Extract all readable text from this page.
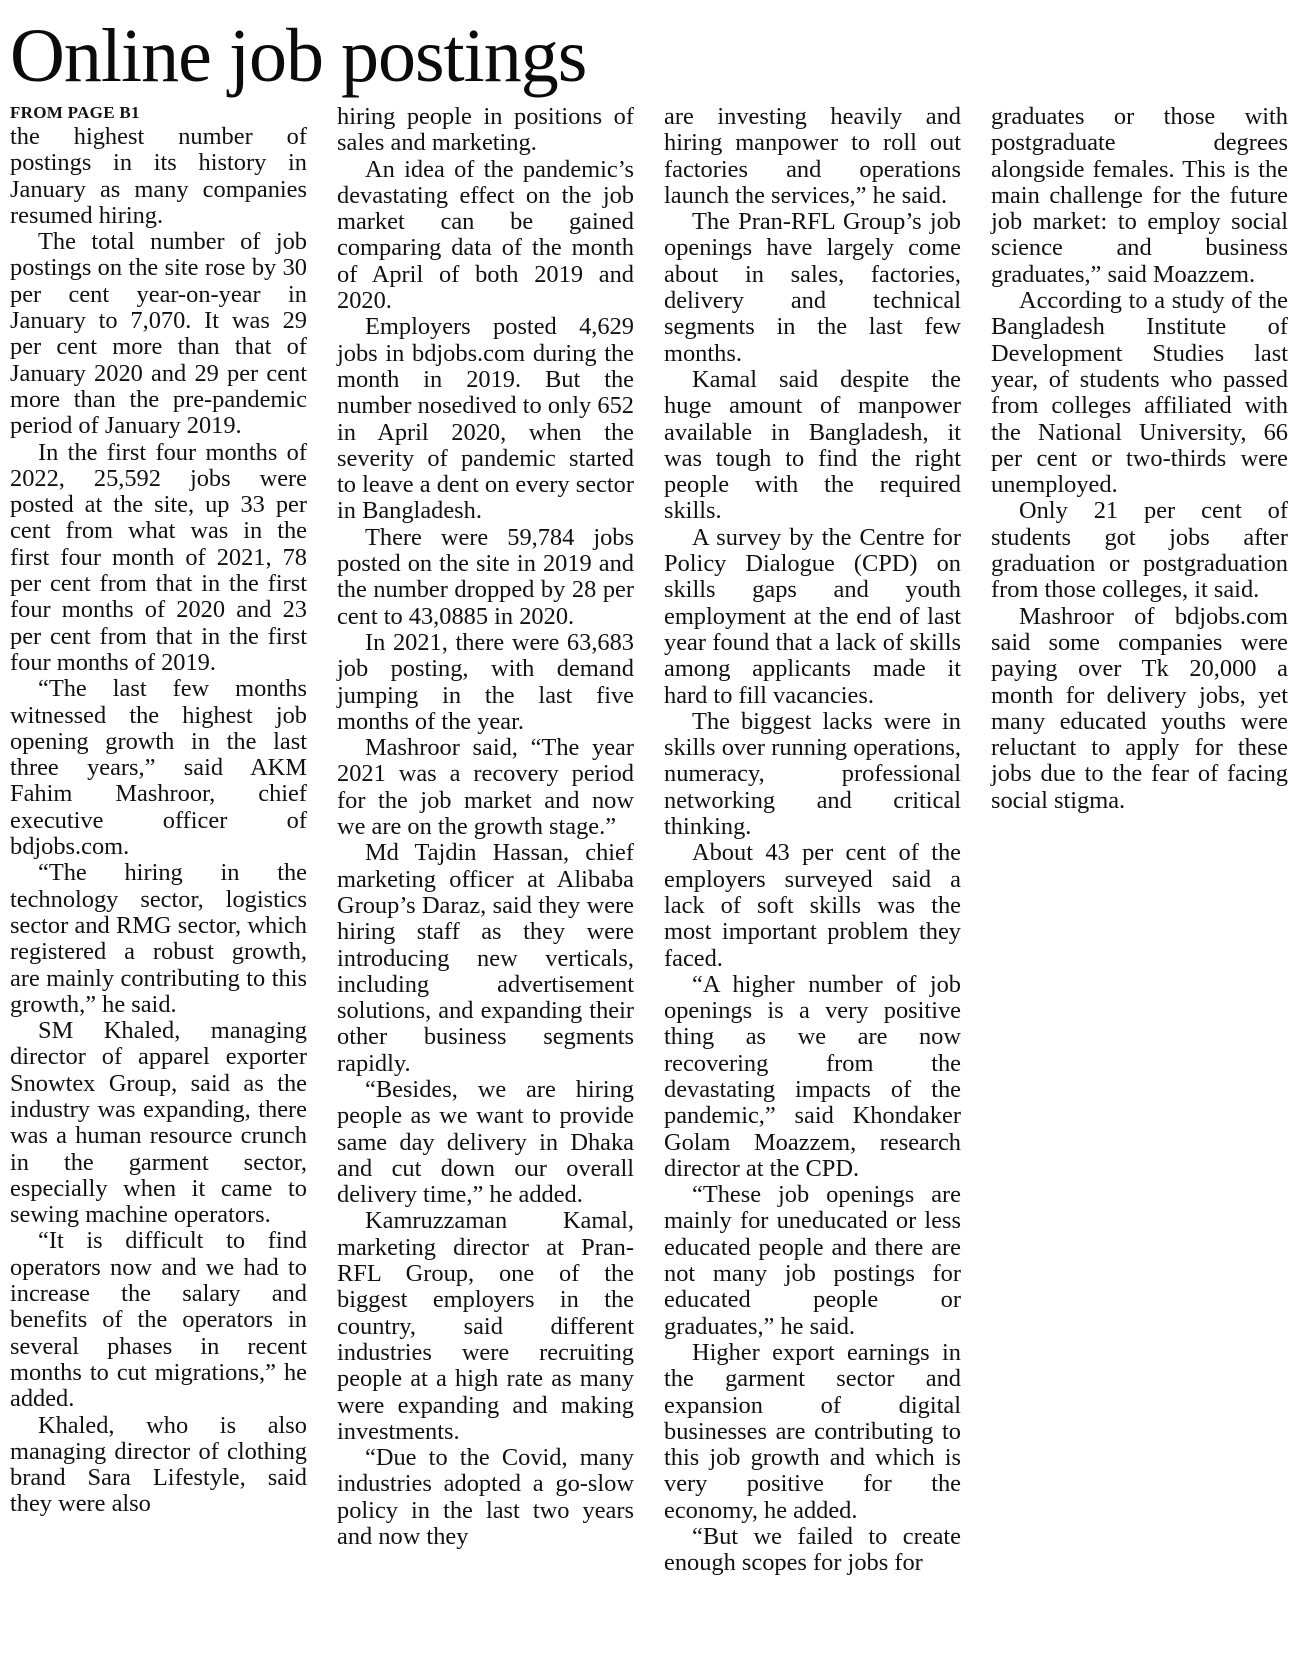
Online job postings
FROM PAGE B1

the highest number of postings in its history in January as many companies resumed hiring.

The total number of job postings on the site rose by 30 per cent year-on-year in January to 7,070. It was 29 per cent more than that of January 2020 and 29 per cent more than the pre-pandemic period of January 2019.

In the first four months of 2022, 25,592 jobs were posted at the site, up 33 per cent from what was in the first four month of 2021, 78 per cent from that in the first four months of 2020 and 23 per cent from that in the first four months of 2019.

“The last few months witnessed the highest job opening growth in the last three years,” said AKM Fahim Mashroor, chief executive officer of bdjobs.com.

“The hiring in the technology sector, logistics sector and RMG sector, which registered a robust growth, are mainly contributing to this growth,” he said.

SM Khaled, managing director of apparel exporter Snowtex Group, said as the industry was expanding, there was a human resource crunch in the garment sector, especially when it came to sewing machine operators.

“It is difficult to find operators now and we had to increase the salary and benefits of the operators in several phases in recent months to cut migrations,” he added.

Khaled, who is also managing director of clothing brand Sara Lifestyle, said they were also

hiring people in positions of sales and marketing.

An idea of the pandemic’s devastating effect on the job market can be gained comparing data of the month of April of both 2019 and 2020.

Employers posted 4,629 jobs in bdjobs.com during the month in 2019. But the number nosedived to only 652 in April 2020, when the severity of pandemic started to leave a dent on every sector in Bangladesh.

There were 59,784 jobs posted on the site in 2019 and the number dropped by 28 per cent to 43,0885 in 2020.

In 2021, there were 63,683 job posting, with demand jumping in the last five months of the year.

Mashroor said, “The year 2021 was a recovery period for the job market and now we are on the growth stage.”

Md Tajdin Hassan, chief marketing officer at Alibaba Group’s Daraz, said they were hiring staff as they were introducing new verticals, including advertisement solutions, and expanding their other business segments rapidly.

“Besides, we are hiring people as we want to provide same day delivery in Dhaka and cut down our overall delivery time,” he added.

Kamruzzaman Kamal, marketing director at Pran-RFL Group, one of the biggest employers in the country, said different industries were recruiting people at a high rate as many were expanding and making investments.

“Due to the Covid, many industries adopted a go-slow policy in the last two years and now they

are investing heavily and hiring manpower to roll out factories and operations launch the services,” he said.

The Pran-RFL Group’s job openings have largely come about in sales, factories, delivery and technical segments in the last few months.

Kamal said despite the huge amount of manpower available in Bangladesh, it was tough to find the right people with the required skills.

A survey by the Centre for Policy Dialogue (CPD) on skills gaps and youth employment at the end of last year found that a lack of skills among applicants made it hard to fill vacancies.

The biggest lacks were in skills over running operations, numeracy, professional networking and critical thinking.

About 43 per cent of the employers surveyed said a lack of soft skills was the most important problem they faced.

“A higher number of job openings is a very positive thing as we are now recovering from the devastating impacts of the pandemic,” said Khondaker Golam Moazzem, research director at the CPD.

“These job openings are mainly for uneducated or less educated people and there are not many job postings for educated people or graduates,” he said.

Higher export earnings in the garment sector and expansion of digital businesses are contributing to this job growth and which is very positive for the economy, he added.

“But we failed to create enough scopes for jobs for

graduates or those with postgraduate degrees alongside females. This is the main challenge for the future job market: to employ social science and business graduates,” said Moazzem.

According to a study of the Bangladesh Institute of Development Studies last year, of students who passed from colleges affiliated with the National University, 66 per cent or two-thirds were unemployed.

Only 21 per cent of students got jobs after graduation or postgraduation from those colleges, it said.

Mashroor of bdjobs.com said some companies were paying over Tk 20,000 a month for delivery jobs, yet many educated youths were reluctant to apply for these jobs due to the fear of facing social stigma.
